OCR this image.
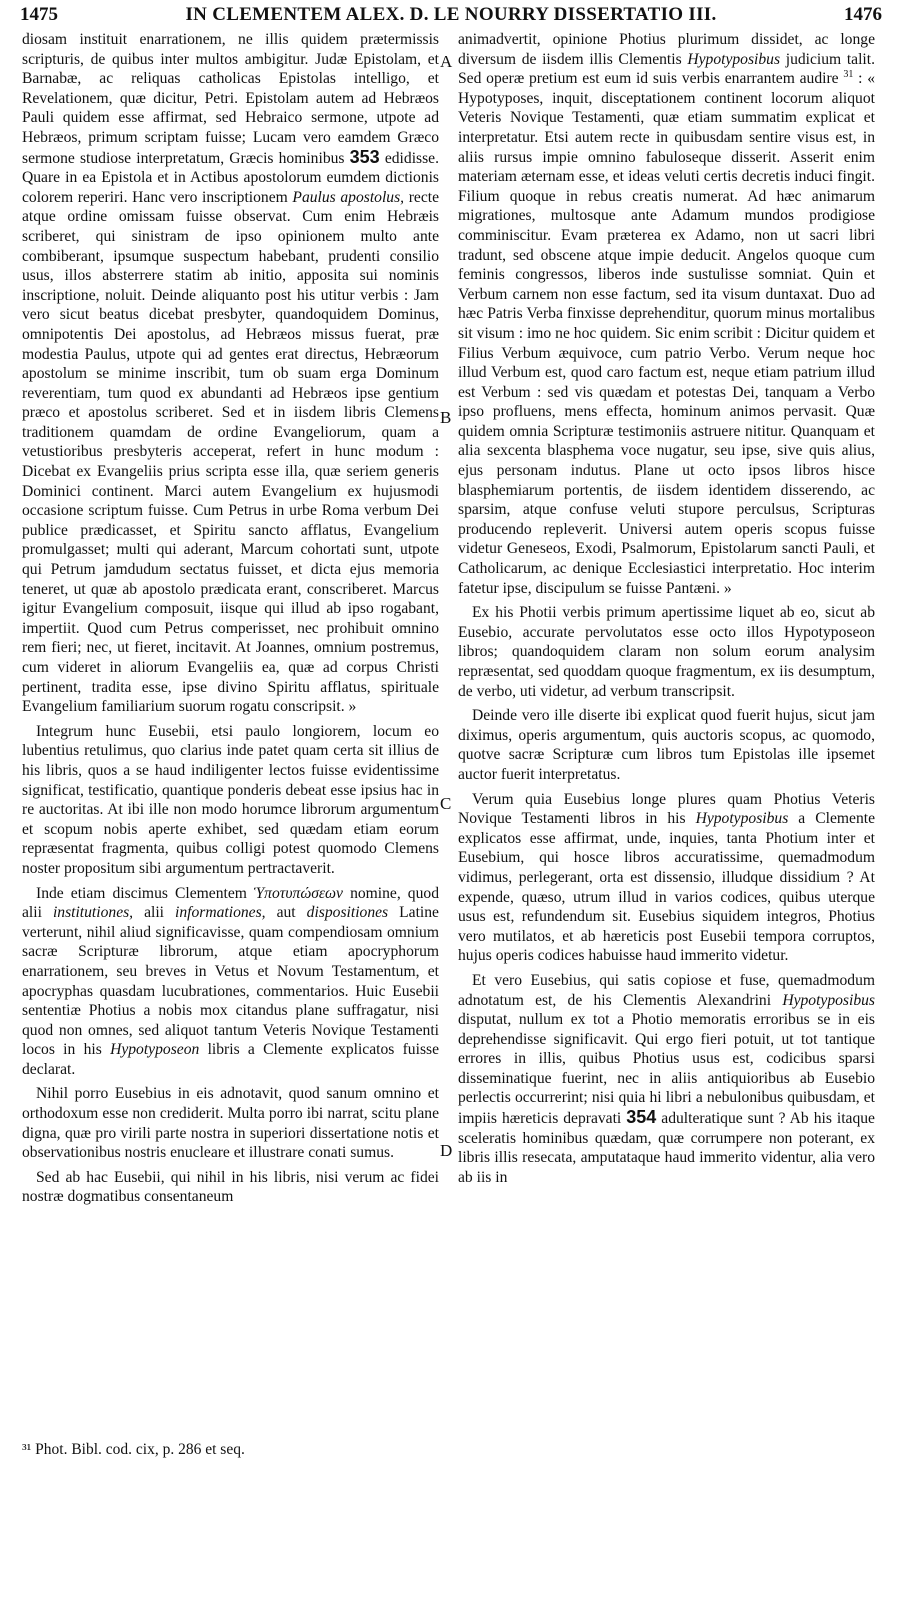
1475	IN CLEMENTEM ALEX. D. LE NOURRY DISSERTATIO III.	1476
A
B
C
D

diosam instituit enarrationem, ne illis quidem prætermissis scripturis, de quibus inter multos ambigitur. Judæ Epistolam, et Barnabæ, ac reliquas catholicas Epistolas intelligo, et Revelationem, quæ dicitur, Petri. Epistolam autem ad Hebræos Pauli quidem esse affirmat, sed Hebraico sermone, utpote ad Hebræos, primum scriptam fuisse; Lucam vero eamdem Græco sermone studiose interpretatum, Græcis hominibus 353 edidisse. Quare in ea Epistola et in Actibus apostolorum eumdem dictionis colorem reperiri. Hanc vero inscriptionem Paulus apostolus, recte atque ordine omissam fuisse observat. Cum enim Hebræis scriberet, qui sinistram de ipso opinionem multo ante combiberant, ipsumque suspectum habebant, prudenti consilio usus, illos absterrere statim ab initio, apposita sui nominis inscriptione, noluit. Deinde aliquanto post his utitur verbis : Jam vero sicut beatus dicebat presbyter, quandoquidem Dominus, omnipotentis Dei apostolus, ad Hebræos missus fuerat, præ modestia Paulus, utpote qui ad gentes erat directus, Hebræorum apostolum se minime inscribit, tum ob suam erga Dominum reverentiam, tum quod ex abundanti ad Hebræos ipse gentium præco et apostolus scriberet. Sed et in iisdem libris Clemens traditionem quamdam de ordine Evangeliorum, quam a vetustioribus presbyteris acceperat, refert in hunc modum : Dicebat ex Evangeliis prius scripta esse illa, quæ seriem generis Dominici continent. Marci autem Evangelium ex hujusmodi occasione scriptum fuisse. Cum Petrus in urbe Roma verbum Dei publice prædicasset, et Spiritu sancto afflatus, Evangelium promulgasset; multi qui aderant, Marcum cohortati sunt, utpote qui Petrum jamdudum sectatus fuisset, et dicta ejus memoria teneret, ut quæ ab apostolo prædicata erant, conscriberet. Marcus igitur Evangelium composuit, iisque qui illud ab ipso rogabant, impertiit. Quod cum Petrus comperisset, nec prohibuit omnino rem fieri; nec, ut fieret, incitavit. At Joannes, omnium postremus, cum videret in aliorum Evangeliis ea, quæ ad corpus Christi pertinent, tradita esse, ipse divino Spiritu afflatus, spirituale Evangelium familiarium suorum rogatu conscripsit. »

Integrum hunc Eusebii, etsi paulo longiorem, locum eo lubentius retulimus, quo clarius inde patet quam certa sit illius de his libris, quos a se haud indiligenter lectos fuisse evidentissime significat, testificatio, quantique ponderis debeat esse ipsius hac in re auctoritas. At ibi ille non modo horumce librorum argumentum et scopum nobis aperte exhibet, sed quædam etiam eorum repræsentat fragmenta, quibus colligi potest quomodo Clemens noster propositum sibi argumentum pertractaverit.

Inde etiam discimus Clementem Ὑποτυπώσεων nomine, quod alii institutiones, alii informationes, aut dispositiones Latine verterunt, nihil aliud significavisse, quam compendiosam omnium sacræ Scripturæ librorum, atque etiam apocryphorum enarrationem, seu breves in Vetus et Novum Testamentum, et apocryphas quasdam lucubrationes, commentarios. Huic Eusebii sententiæ Photius a nobis mox citandus plane suffragatur, nisi quod non omnes, sed aliquot tantum Veteris Novique Testamenti locos in his Hypotyposeon libris a Clemente explicatos fuisse declarat.

Nihil porro Eusebius in eis adnotavit, quod sanum omnino et orthodoxum esse non crediderit. Multa porro ibi narrat, scitu plane digna, quæ pro virili parte nostra in superiori dissertatione notis et observationibus nostris enucleare et illustrare conati sumus.

Sed ab hac Eusebii, qui nihil in his libris, nisi verum ac fidei nostræ dogmatibus consentaneum

animadvertit, opinione Photius plurimum dissidet, ac longe diversum de iisdem illis Clementis Hypotyposibus judicium talit. Sed operæ pretium est eum id suis verbis enarrantem audire $^{31}$ : « Hypotyposes, inquit, disceptationem continent locorum aliquot Veteris Novique Testamenti, quæ etiam summatim explicat et interpretatur. Etsi autem recte in quibusdam sentire visus est, in aliis rursus impie omnino fabuloseque disserit. Asserit enim materiam æternam esse, et ideas veluti certis decretis induci fingit. Filium quoque in rebus creatis numerat. Ad hæc animarum migrationes, multosque ante Adamum mundos prodigiose comminiscitur. Evam præterea ex Adamo, non ut sacri libri tradunt, sed obscene atque impie deducit. Angelos quoque cum feminis congressos, liberos inde sustulisse somniat. Quin et Verbum carnem non esse factum, sed ita visum duntaxat. Duo ad hæc Patris Verba finxisse deprehenditur, quorum minus mortalibus sit visum : imo ne hoc quidem. Sic enim scribit : Dicitur quidem et Filius Verbum æquivoce, cum patrio Verbo. Verum neque hoc illud Verbum est, quod caro factum est, neque etiam patrium illud est Verbum : sed vis quædam et potestas Dei, tanquam a Verbo ipso profluens, mens effecta, hominum animos pervasit. Quæ quidem omnia Scripturæ testimoniis astruere nititur. Quanquam et alia sexcenta blasphema voce nugatur, seu ipse, sive quis alius, ejus personam indutus. Plane ut octo ipsos libros hisce blasphemiarum portentis, de iisdem identidem disserendo, ac sparsim, atque confuse veluti stupore perculsus, Scripturas producendo repleverit. Universi autem operis scopus fuisse videtur Geneseos, Exodi, Psalmorum, Epistolarum sancti Pauli, et Catholicarum, ac denique Ecclesiastici interpretatio. Hoc interim fatetur ipse, discipulum se fuisse Pantæni. »

Ex his Photii verbis primum apertissime liquet ab eo, sicut ab Eusebio, accurate pervolutatos esse octo illos Hypotyposeon libros; quandoquidem claram non solum eorum analysim repræsentat, sed quoddam quoque fragmentum, ex iis desumptum, de verbo, uti videtur, ad verbum transcripsit.

Deinde vero ille diserte ibi explicat quod fuerit hujus, sicut jam diximus, operis argumentum, quis auctoris scopus, ac quomodo, quotve sacræ Scripturæ cum libros tum Epistolas ille ipsemet auctor fuerit interpretatus.

Verum quia Eusebius longe plures quam Photius Veteris Novique Testamenti libros in his Hypotyposibus a Clemente explicatos esse affirmat, unde, inquies, tanta Photium inter et Eusebium, qui hosce libros accuratissime, quemadmodum vidimus, perlegerant, orta est dissensio, illudque dissidium ? At expende, quæso, utrum illud in varios codices, quibus uterque usus est, refundendum sit. Eusebius siquidem integros, Photius vero mutilatos, et ab hæreticis post Eusebii tempora corruptos, hujus operis codices habuisse haud immerito videtur.

Et vero Eusebius, qui satis copiose et fuse, quemadmodum adnotatum est, de his Clementis Alexandrini Hypotyposibus disputat, nullum ex tot a Photio memoratis erroribus se in eis deprehendisse significavit. Qui ergo fieri potuit, ut tot tantique errores in illis, quibus Photius usus est, codicibus sparsi disseminatique fuerint, nec in aliis antiquioribus ab Eusebio perlectis occurrerint; nisi quia hi libri a nebulonibus quibusdam, et impiis hæreticis depravati 354 adulteratique sunt ? Ab his itaque sceleratis hominibus quædam, quæ corrumpere non poterant, ex libris illis resecata, amputataque haud immerito videntur, alia vero ab iis in

³¹ Phot. Bibl. cod. cix, p. 286 et seq.
